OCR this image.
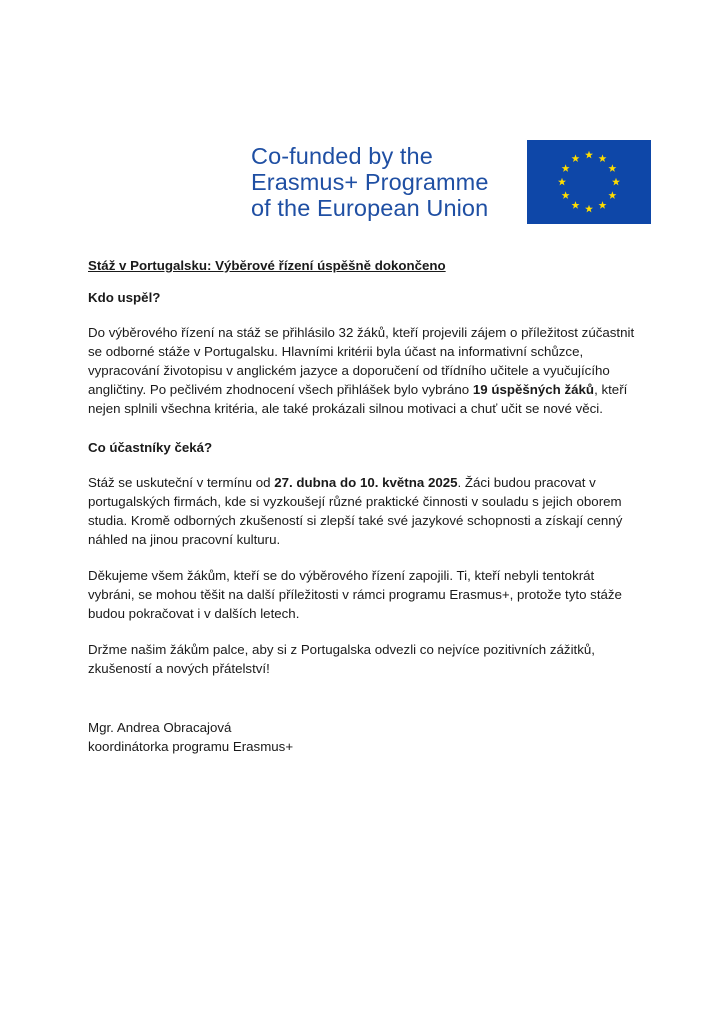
Co-funded by the
Erasmus+ Programme
of the European Union
Stáž v Portugalsku: Výběrové řízení úspěšně dokončeno
Kdo uspěl?

Do výběrového řízení na stáž se přihlásilo 32 žáků, kteří projevili zájem o příležitost zúčastnit se odborné stáže v Portugalsku. Hlavními kritérii byla účast na informativní schůzce, vypracování životopisu v anglickém jazyce a doporučení od třídního učitele a vyučujícího angličtiny. Po pečlivém zhodnocení všech přihlášek bylo vybráno 19 úspěšných žáků, kteří nejen splnili všechna kritéria, ale také prokázali silnou motivaci a chuť učit se nové věci.

Co účastníky čeká?

Stáž se uskuteční v termínu od 27. dubna do 10. května 2025. Žáci budou pracovat v portugalských firmách, kde si vyzkoušejí různé praktické činnosti v souladu s jejich oborem studia. Kromě odborných zkušeností si zlepší také své jazykové schopnosti a získají cenný náhled na jinou pracovní kulturu.

Děkujeme všem žákům, kteří se do výběrového řízení zapojili. Ti, kteří nebyli tentokrát vybráni, se mohou těšit na další příležitosti v rámci programu Erasmus+, protože tyto stáže budou pokračovat i v dalších letech.

Držme našim žákům palce, aby si z Portugalska odvezli co nejvíce pozitivních zážitků, zkušeností a nových přátelství!

Mgr. Andrea Obracajová
koordinátorka programu Erasmus+
